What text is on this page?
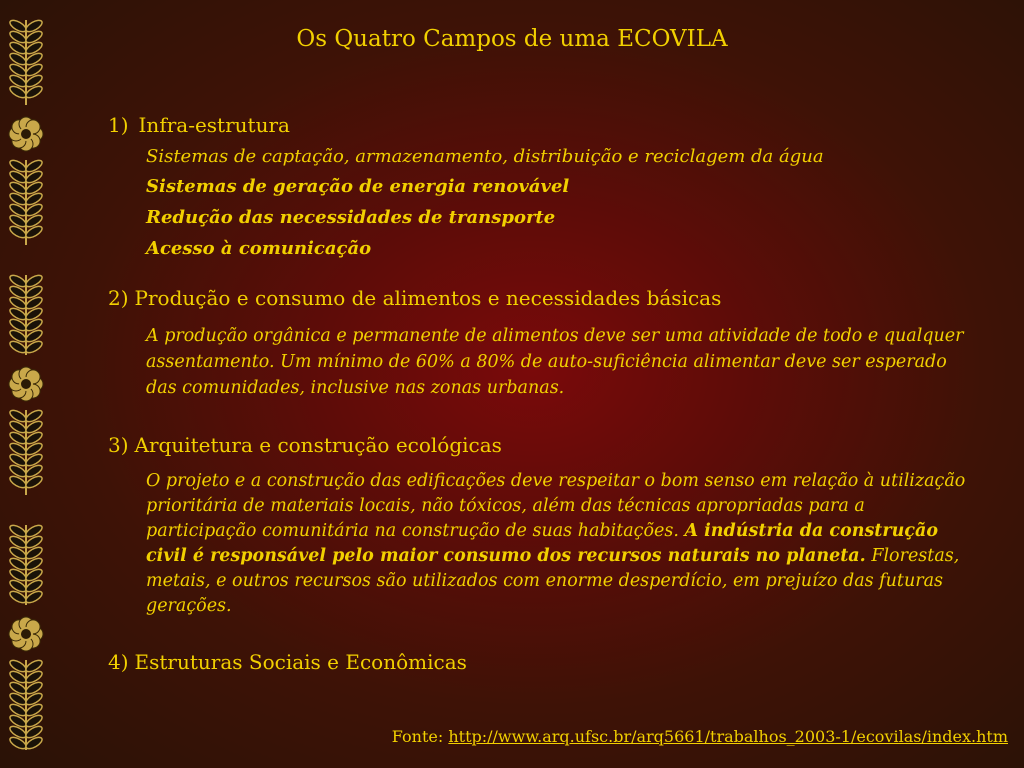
Os Quatro Campos de uma ECOVILA
1) Infra-estrutura
Sistemas de captação, armazenamento, distribuição e reciclagem da água
Sistemas de geração de energia renovável
Redução das necessidades de transporte
Acesso à comunicação
2) Produção e consumo de alimentos e necessidades básicas
A produção orgânica e permanente de alimentos deve ser uma atividade de todo e qualquer assentamento. Um mínimo de 60% a 80% de auto-suficiência alimentar deve ser esperado das comunidades, inclusive nas zonas urbanas.
3) Arquitetura e construção ecológicas
O projeto e a construção das edificações deve respeitar o bom senso em relação à utilização prioritária de materiais locais, não tóxicos, além das técnicas apropriadas para a participação comunitária na construção de suas habitações. A indústria da construção civil é responsável pelo maior consumo dos recursos naturais no planeta. Florestas, metais, e outros recursos são utilizados com enorme desperdício, em prejuízo das futuras gerações.
4) Estruturas Sociais e Econômicas
Fonte: http://www.arq.ufsc.br/arq5661/trabalhos_2003-1/ecovilas/index.htm
